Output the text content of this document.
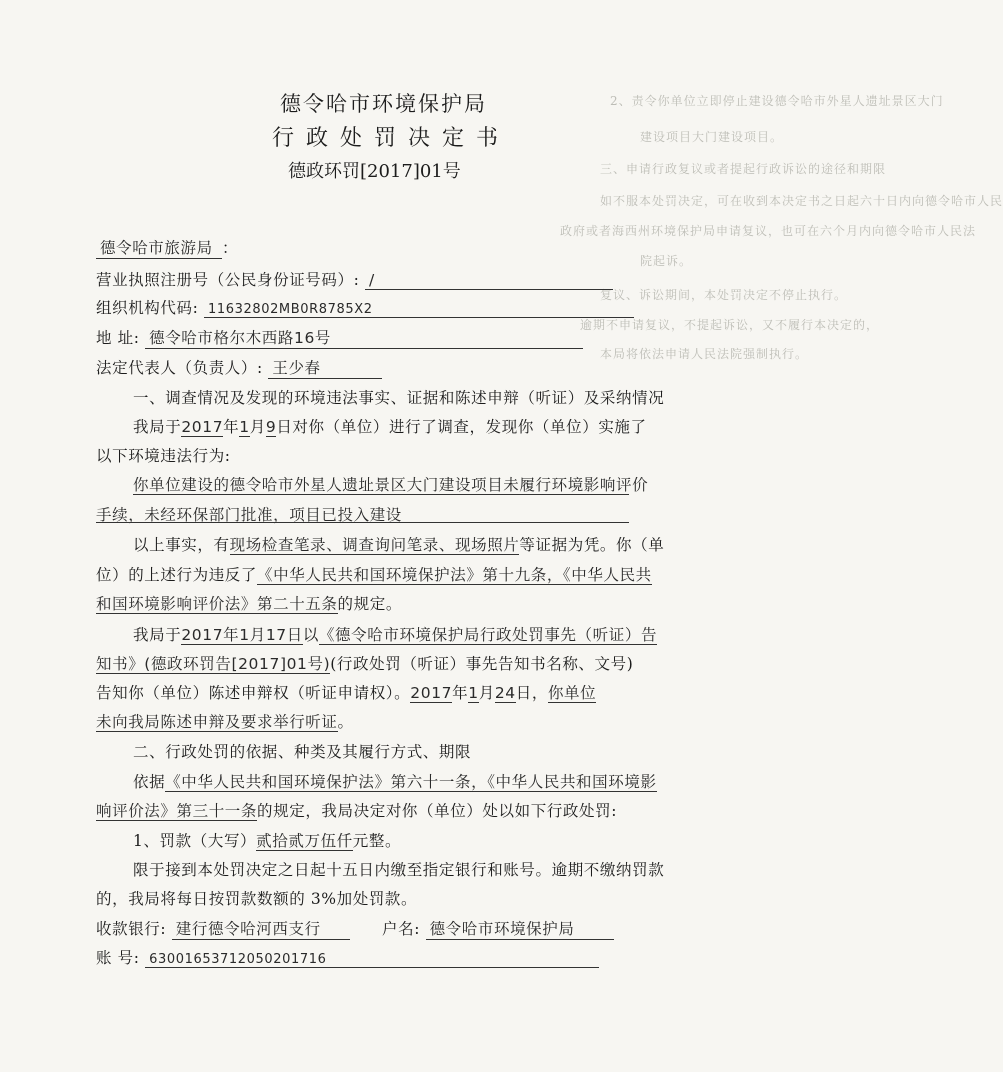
2、责令你单位立即停止建设德令哈市外星人遗址景区大门
建设项目大门建设项目。
三、申请行政复议或者提起行政诉讼的途径和期限
如不服本处罚决定，可在收到本决定书之日起六十日内向德令哈市人民
政府或者海西州环境保护局申请复议，也可在六个月内向德令哈市人民法
院起诉。
复议、诉讼期间，本处罚决定不停止执行。
逾期不申请复议，不提起诉讼，又不履行本决定的，
本局将依法申请人民法院强制执行。
德令哈市环境保护局
行政处罚决定书
德政环罚[2017]01号
德令哈市旅游局 ：
营业执照注册号（公民身份证号码）: /
组织机构代码: 11632802MB0R8785X2
地 址: 德令哈市格尔木西路16号
法定代表人（负责人）: 王少春
一、调查情况及发现的环境违法事实、证据和陈述申辩（听证）及采纳情况
我局于2017年1月9日对你（单位）进行了调查，发现你（单位）实施了
以下环境违法行为:
你单位建设的德令哈市外星人遗址景区大门建设项目未履行环境影响评价
手续，未经环保部门批准，项目已投入建设
以上事实，有现场检查笔录、调查询问笔录、现场照片等证据为凭。你（单
位）的上述行为违反了《中华人民共和国环境保护法》第十九条，《中华人民共
和国环境影响评价法》第二十五条的规定。
我局于2017年1月17日以《德令哈市环境保护局行政处罚事先（听证）告
知书》(德政环罚告[2017]01号)(行政处罚（听证）事先告知书名称、文号)
告知你（单位）陈述申辩权（听证申请权）。2017年1月24日，你单位
未向我局陈述申辩及要求举行听证。
二、行政处罚的依据、种类及其履行方式、期限
依据《中华人民共和国环境保护法》第六十一条，《中华人民共和国环境影
响评价法》第三十一条的规定，我局决定对你（单位）处以如下行政处罚:
1、罚款（大写）贰拾贰万伍仟元整。
限于接到本处罚决定之日起十五日内缴至指定银行和账号。逾期不缴纳罚款
的，我局将每日按罚款数额的 3%加处罚款。
收款银行: 建行德令哈河西支行	户名: 德令哈市环境保护局
账 号: 63001653712050201716
